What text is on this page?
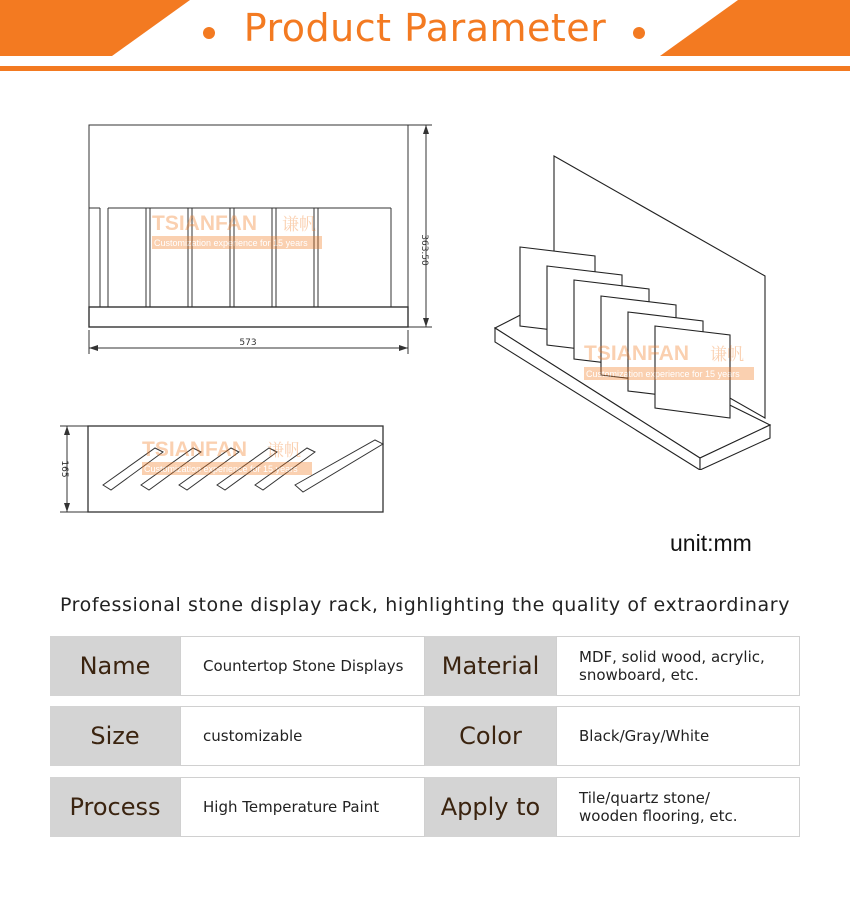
Product Parameter
573
363.50
TSIANFAN 谦帆
Customization experience for 15 years
165
TSIANFAN 谦帆
Customization experience for 15 years
TSIANFAN 谦帆
Customization experience for 15 years
unit:mm
Professional stone display rack, highlighting the quality of extraordinary
Name	Countertop Stone Displays	Material	MDF, solid wood, acrylic,
snowboard, etc.
Size	customizable	Color	Black/Gray/White
Process	High Temperature Paint	Apply to	Tile/quartz stone/
wooden flooring, etc.
